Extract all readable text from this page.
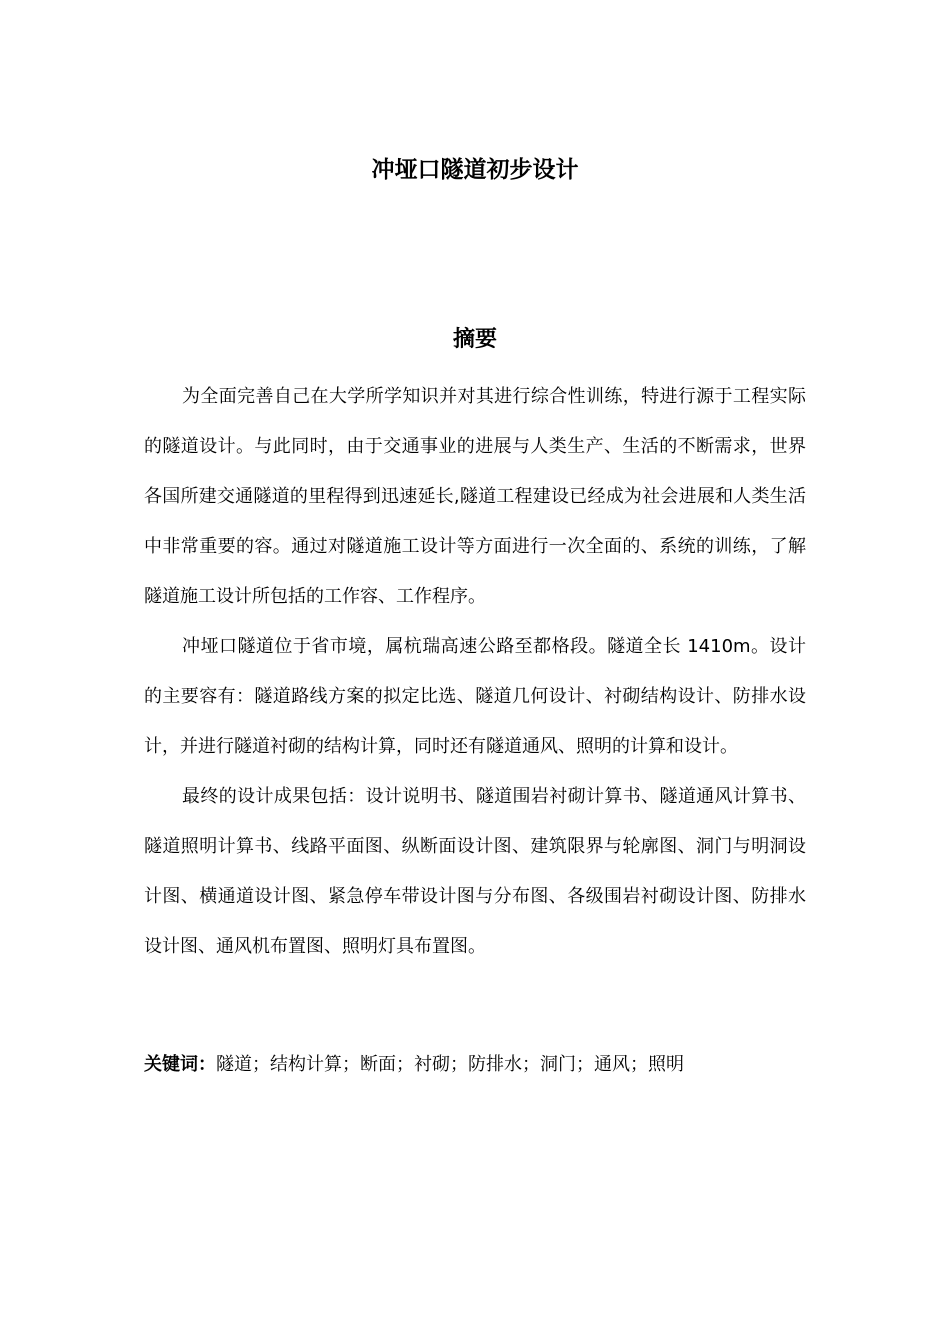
冲垭口隧道初步设计
摘要

为全面完善自己在大学所学知识并对其进行综合性训练，特进行源于工程实际的隧道设计。与此同时，由于交通事业的进展与人类生产、生活的不断需求，世界各国所建交通隧道的里程得到迅速延长,隧道工程建设已经成为社会进展和人类生活中非常重要的容。通过对隧道施工设计等方面进行一次全面的、系统的训练，了解隧道施工设计所包括的工作容、工作程序。

冲垭口隧道位于省市境，属杭瑞高速公路至都格段。隧道全长 1410m。设计的主要容有：隧道路线方案的拟定比选、隧道几何设计、衬砌结构设计、防排水设计，并进行隧道衬砌的结构计算，同时还有隧道通风、照明的计算和设计。

最终的设计成果包括：设计说明书、隧道围岩衬砌计算书、隧道通风计算书、隧道照明计算书、线路平面图、纵断面设计图、建筑限界与轮廓图、洞门与明洞设计图、横通道设计图、紧急停车带设计图与分布图、各级围岩衬砌设计图、防排水设计图、通风机布置图、照明灯具布置图。

关键词：隧道；结构计算；断面；衬砌；防排水；洞门；通风；照明
